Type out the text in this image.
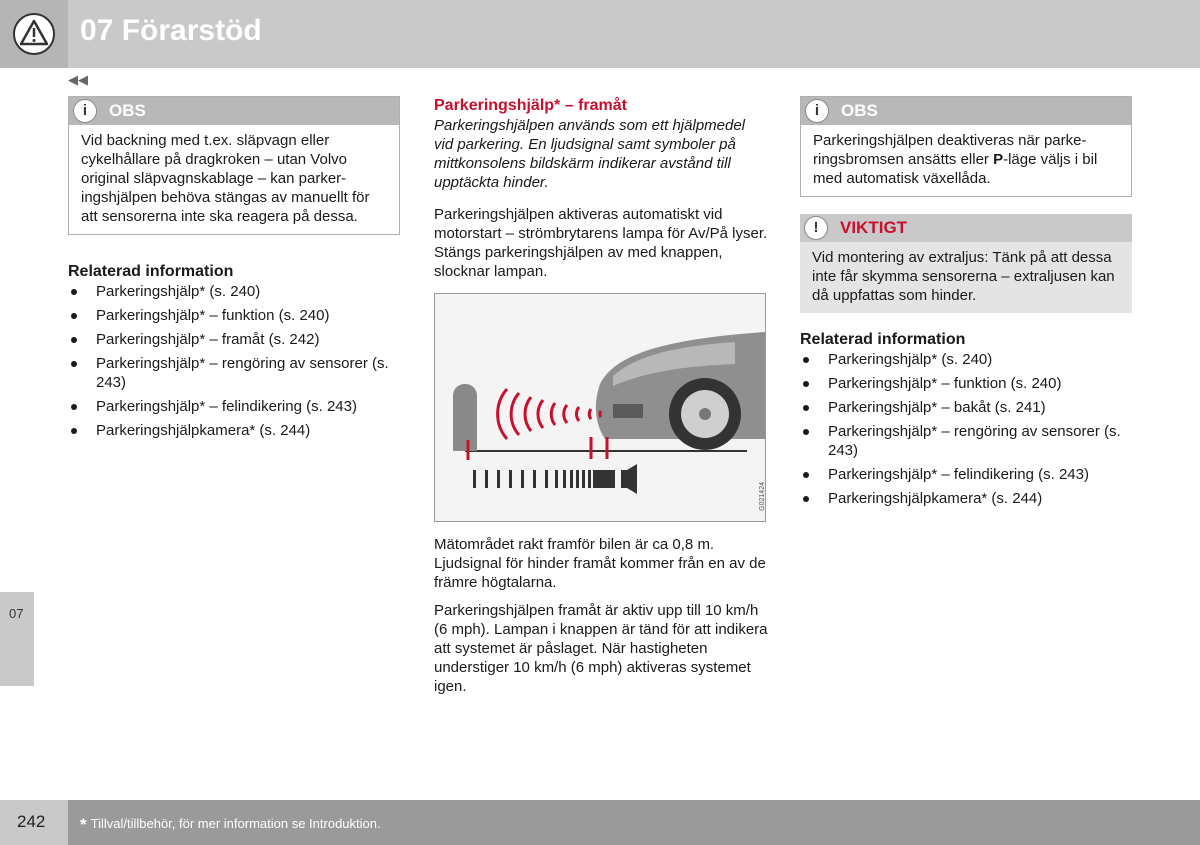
07 Förarstöd
◀◀
07
i	OBS
Vid backning med t.ex. släpvagn eller cykelhållare på dragkroken – utan Volvo original släpvagnskablage – kan parkeringshjälpen behöva stängas av manuellt för att sensorerna inte ska reagera på dessa.
Relaterad information
Parkeringshjälp* (s. 240)
Parkeringshjälp* – funktion (s. 240)
Parkeringshjälp* – framåt (s. 242)
Parkeringshjälp* – rengöring av sensorer (s. 243)
Parkeringshjälp* – felindikering (s. 243)
Parkeringshjälpkamera* (s. 244)
Parkeringshjälp* – framåt

Parkeringshjälpen används som ett hjälpmedel vid parkering. En ljudsignal samt symboler på mittkonsolens bildskärm indikerar avstånd till upptäckta hinder.

Parkeringshjälpen aktiveras automatiskt vid motorstart – strömbrytarens lampa för Av/På lyser. Stängs parkeringshjälpen av med knappen, slocknar lampan.

G021424

Mätområdet rakt framför bilen är ca 0,8 m. Ljudsignal för hinder framåt kommer från en av de främre högtalarna.

Parkeringshjälpen framåt är aktiv upp till 10 km/h (6 mph). Lampan i knappen är tänd för att indikera att systemet är påslaget. När hastigheten understiger 10 km/h (6 mph) aktiveras systemet igen.

i	OBS
Parkeringshjälpen deaktiveras när parkeringsbromsen ansätts eller P-läge väljs i bil med automatisk växellåda.
!	VIKTIGT
Vid montering av extraljus: Tänk på att dessa inte får skymma sensorerna – extraljusen kan då uppfattas som hinder.
Relaterad information
Parkeringshjälp* (s. 240)
Parkeringshjälp* – funktion (s. 240)
Parkeringshjälp* – bakåt (s. 241)
Parkeringshjälp* – rengöring av sensorer (s. 243)
Parkeringshjälp* – felindikering (s. 243)
Parkeringshjälpkamera* (s. 244)
242 * Tillval/tillbehör, för mer information se Introduktion.
